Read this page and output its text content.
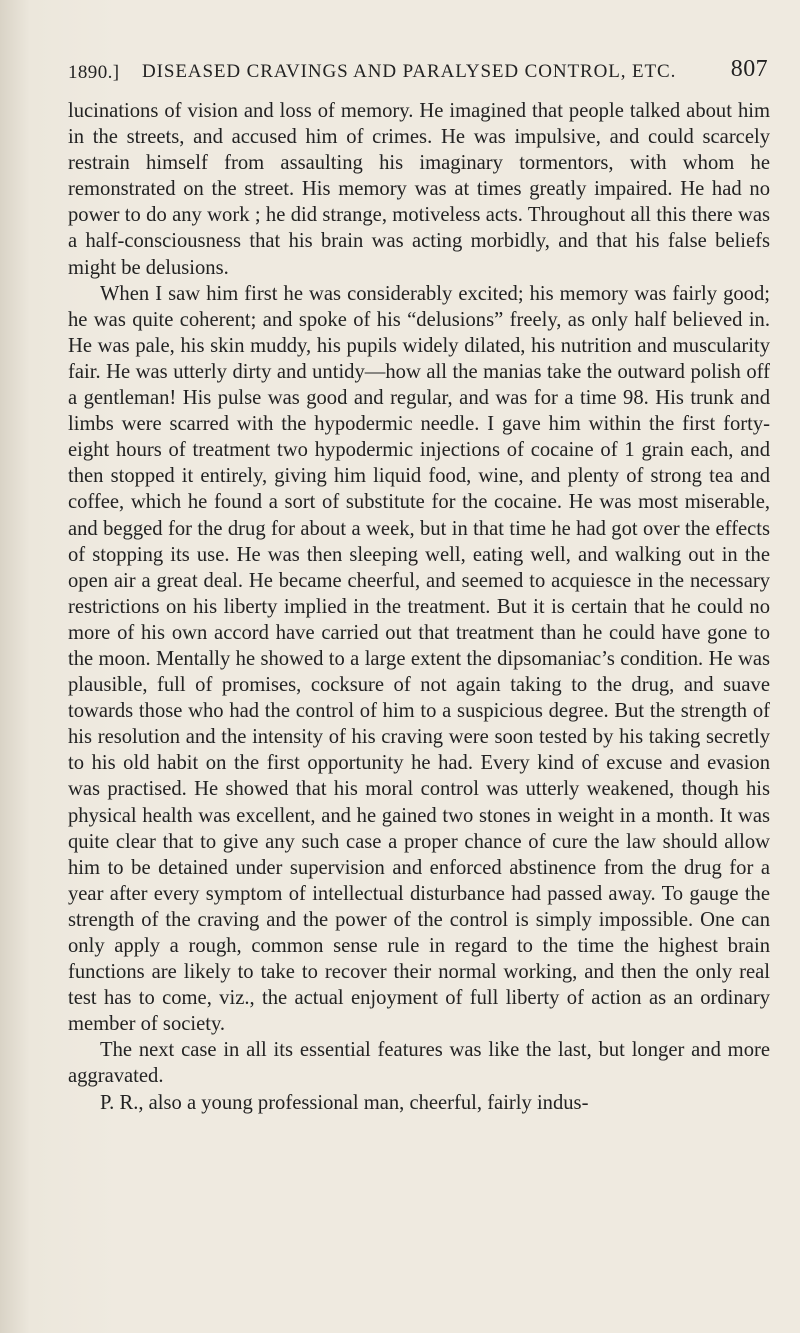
1890.] DISEASED CRAVINGS AND PARALYSED CONTROL, ETC. 807

lucinations of vision and loss of memory. He imagined that people talked about him in the streets, and accused him of crimes. He was impulsive, and could scarcely restrain himself from assaulting his imaginary tormentors, with whom he remonstrated on the street. His memory was at times greatly impaired. He had no power to do any work ; he did strange, motiveless acts. Throughout all this there was a half-consciousness that his brain was acting morbidly, and that his false beliefs might be delusions.

When I saw him first he was considerably excited; his memory was fairly good; he was quite coherent; and spoke of his “delusions” freely, as only half believed in. He was pale, his skin muddy, his pupils widely dilated, his nutrition and muscularity fair. He was utterly dirty and untidy—how all the manias take the outward polish off a gentleman! His pulse was good and regular, and was for a time 98. His trunk and limbs were scarred with the hypodermic needle. I gave him within the first forty-eight hours of treatment two hypodermic injections of cocaine of 1 grain each, and then stopped it entirely, giving him liquid food, wine, and plenty of strong tea and coffee, which he found a sort of substitute for the cocaine. He was most miserable, and begged for the drug for about a week, but in that time he had got over the effects of stopping its use. He was then sleeping well, eating well, and walking out in the open air a great deal. He became cheerful, and seemed to acquiesce in the necessary restrictions on his liberty implied in the treatment. But it is certain that he could no more of his own accord have carried out that treatment than he could have gone to the moon. Mentally he showed to a large extent the dipsomaniac’s condition. He was plausible, full of promises, cocksure of not again taking to the drug, and suave towards those who had the control of him to a suspicious degree. But the strength of his resolution and the intensity of his craving were soon tested by his taking secretly to his old habit on the first opportunity he had. Every kind of excuse and evasion was practised. He showed that his moral control was utterly weakened, though his physical health was excellent, and he gained two stones in weight in a month. It was quite clear that to give any such case a proper chance of cure the law should allow him to be detained under supervision and enforced abstinence from the drug for a year after every symptom of intellectual disturbance had passed away. To gauge the strength of the craving and the power of the control is simply impossible. One can only apply a rough, common sense rule in regard to the time the highest brain functions are likely to take to recover their normal working, and then the only real test has to come, viz., the actual enjoyment of full liberty of action as an ordinary member of society.

The next case in all its essential features was like the last, but longer and more aggravated.

P. R., also a young professional man, cheerful, fairly indus-
